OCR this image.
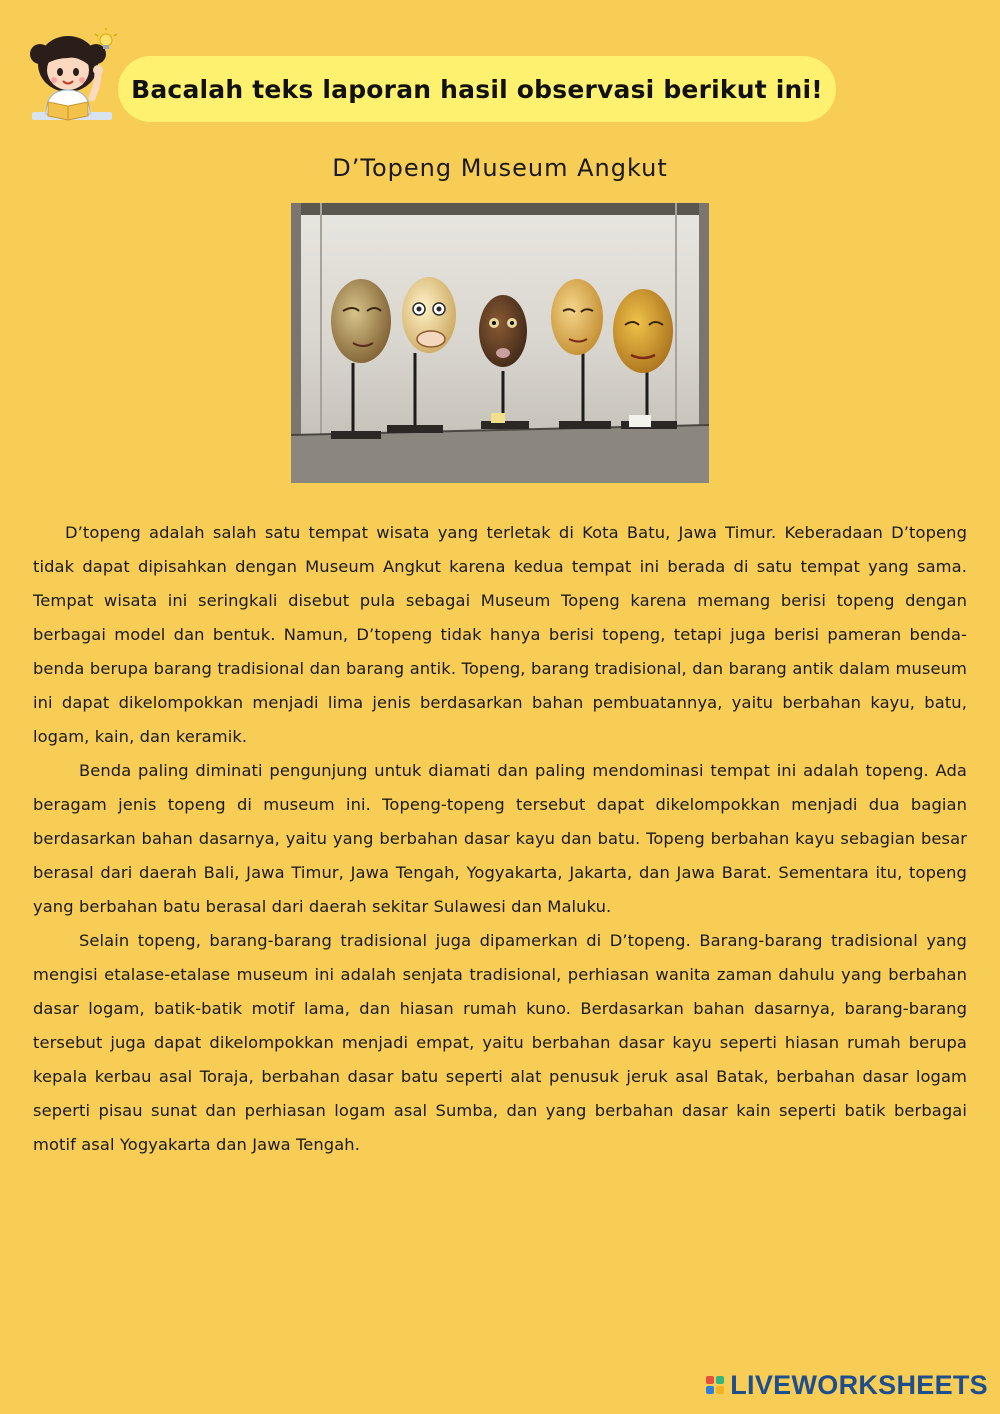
Bacalah teks laporan hasil observasi berikut ini!
D’Topeng Museum Angkut

D’topeng adalah salah satu tempat wisata yang terletak di Kota Batu, Jawa Timur. Keberadaan D’topeng tidak dapat dipisahkan dengan Museum Angkut karena kedua tempat ini berada di satu tempat yang sama. Tempat wisata ini seringkali disebut pula sebagai Museum Topeng karena memang berisi topeng dengan berbagai model dan bentuk. Namun, D’topeng tidak hanya berisi topeng, tetapi juga berisi pameran benda-benda berupa barang tradisional dan barang antik. Topeng, barang tradisional, dan barang antik dalam museum ini dapat dikelompokkan menjadi lima jenis berdasarkan bahan pembuatannya, yaitu berbahan kayu, batu, logam, kain, dan keramik.

Benda paling diminati pengunjung untuk diamati dan paling mendominasi tempat ini adalah topeng. Ada beragam jenis topeng di museum ini. Topeng-topeng tersebut dapat dikelompokkan menjadi dua bagian berdasarkan bahan dasarnya, yaitu yang berbahan dasar kayu dan batu. Topeng berbahan kayu sebagian besar berasal dari daerah Bali, Jawa Timur, Jawa Tengah, Yogyakarta, Jakarta, dan Jawa Barat. Sementara itu, topeng yang berbahan batu berasal dari daerah sekitar Sulawesi dan Maluku.

Selain topeng, barang-barang tradisional juga dipamerkan di D’topeng. Barang-barang tradisional yang mengisi etalase-etalase museum ini adalah senjata tradisional, perhiasan wanita zaman dahulu yang berbahan dasar logam, batik-batik motif lama, dan hiasan rumah kuno. Berdasarkan bahan dasarnya, barang-barang tersebut juga dapat dikelompokkan menjadi empat, yaitu berbahan dasar kayu seperti hiasan rumah berupa kepala kerbau asal Toraja, berbahan dasar batu seperti alat penusuk jeruk asal Batak, berbahan dasar logam seperti pisau sunat dan perhiasan logam asal Sumba, dan yang berbahan dasar kain seperti batik berbagai motif asal Yogyakarta dan Jawa Tengah.

LIVEWORKSHEETS
